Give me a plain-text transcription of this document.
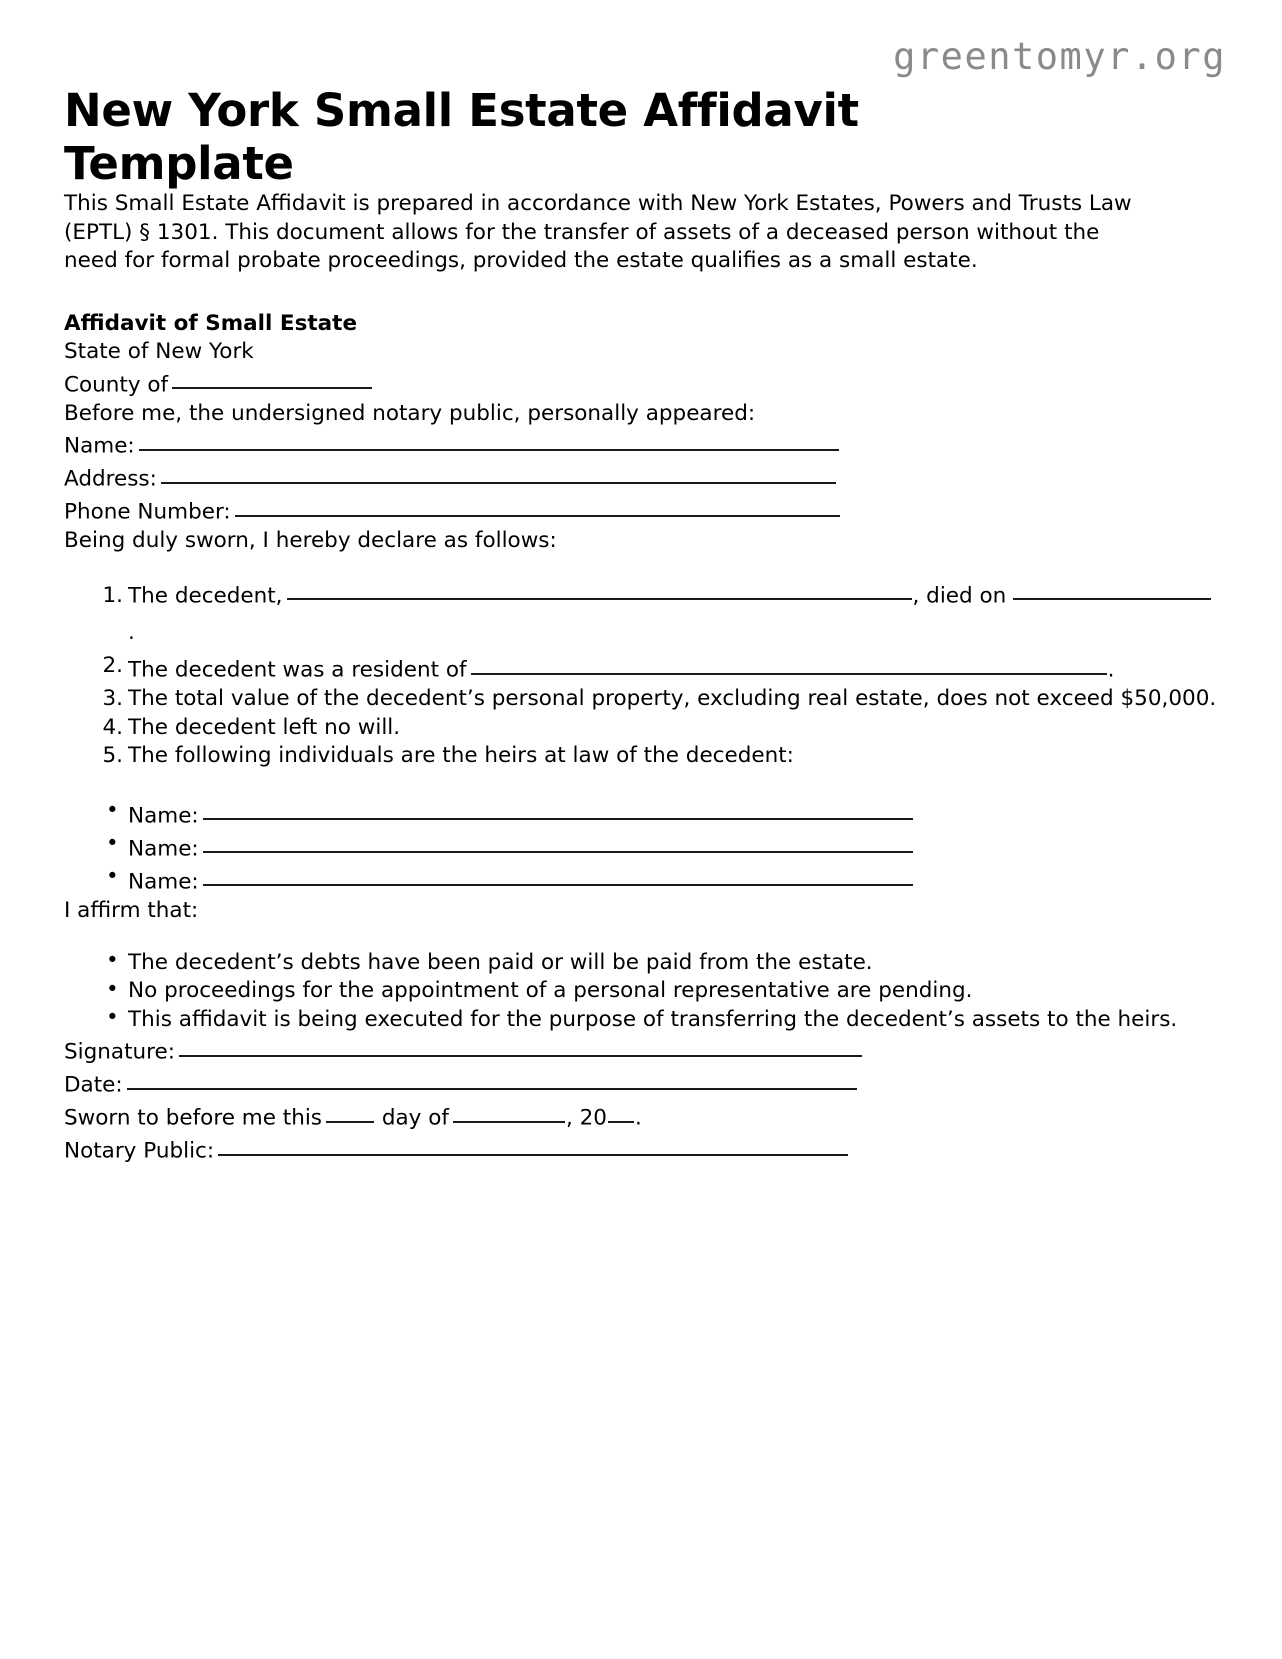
greentomyr.org
New York Small Estate Affidavit Template

This Small Estate Affidavit is prepared in accordance with New York Estates, Powers and Trusts Law (EPTL) § 1301. This document allows for the transfer of assets of a deceased person without the need for formal probate proceedings, provided the estate qualifies as a small estate.

Affidavit of Small Estate

State of New York

County of

Before me, the undersigned notary public, personally appeared:

Name:

Address:

Phone Number:

Being duly sworn, I hereby declare as follows:

1. The decedent,	, died on .
2. The decedent was a resident of	.
3. The total value of the decedent’s personal property, excluding real estate, does not exceed $50,000.
4. The decedent left no will.
5. The following individuals are the heirs at law of the decedent:
• Name:
• Name:
• Name:

I affirm that:

• The decedent’s debts have been paid or will be paid from the estate.
• No proceedings for the appointment of a personal representative are pending.
• This affidavit is being executed for the purpose of transferring the decedent’s assets to the heirs.

Signature:

Date:

Sworn to before me this	day of	, 20 .

Notary Public:
